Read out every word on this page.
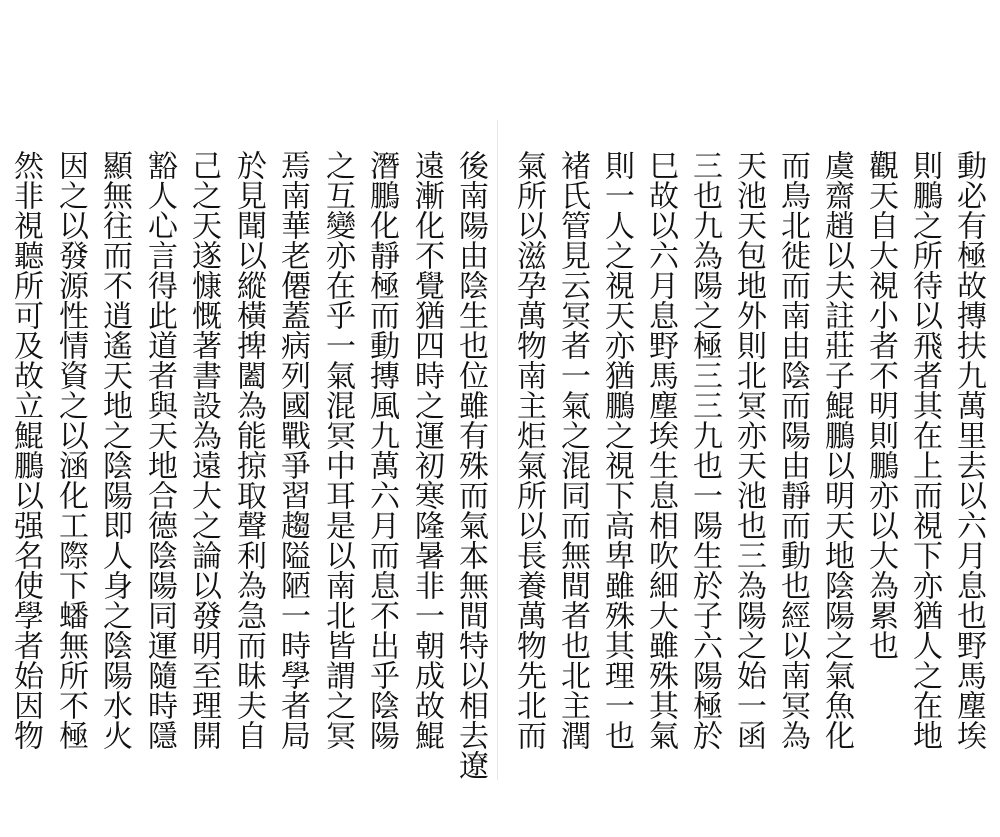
動必有極故摶扶九萬里去以六月息也野馬塵埃
則鵬之所待以飛者其在上而視下亦猶人之在地
觀天自大視小者不明則鵬亦以大為累也
虞齋趙以夫註莊子鯤鵬以明天地陰陽之氣魚化
而鳥北徙而南由陰而陽由靜而動也經以南冥為
天池天包地外則北冥亦天池也三為陽之始一函
三也九為陽之極三三九也一陽生於子六陽極於
巳故以六月息野馬塵埃生息相吹細大雖殊其氣
則一人之視天亦猶鵬之視下高卑雖殊其理一也
褚氏管見云冥者一氣之混同而無間者也北主潤
氣所以滋孕萬物南主炬氣所以長養萬物先北而
後南陽由陰生也位雖有殊而氣本無間特以相去遼
遠漸化不覺猶四時之運初寒隆暑非一朝成故鯤
潛鵬化靜極而動摶風九萬六月而息不出乎陰陽
之互變亦在乎一氣混冥中耳是以南北皆謂之冥
焉南華老僊蓋病列國戰爭習趨隘陋一時學者局
於見聞以縱橫捭闔為能掠取聲利為急而昧夫自
己之天遂慷慨著書設為遠大之論以發明至理開
豁人心言得此道者與天地合德陰陽同運隨時隱
顯無往而不逍遙天地之陰陽即人身之陰陽水火
因之以發源性情資之以涵化工際下蟠無所不極
然非視聽所可及故立鯤鵬以强名使學者始因物
